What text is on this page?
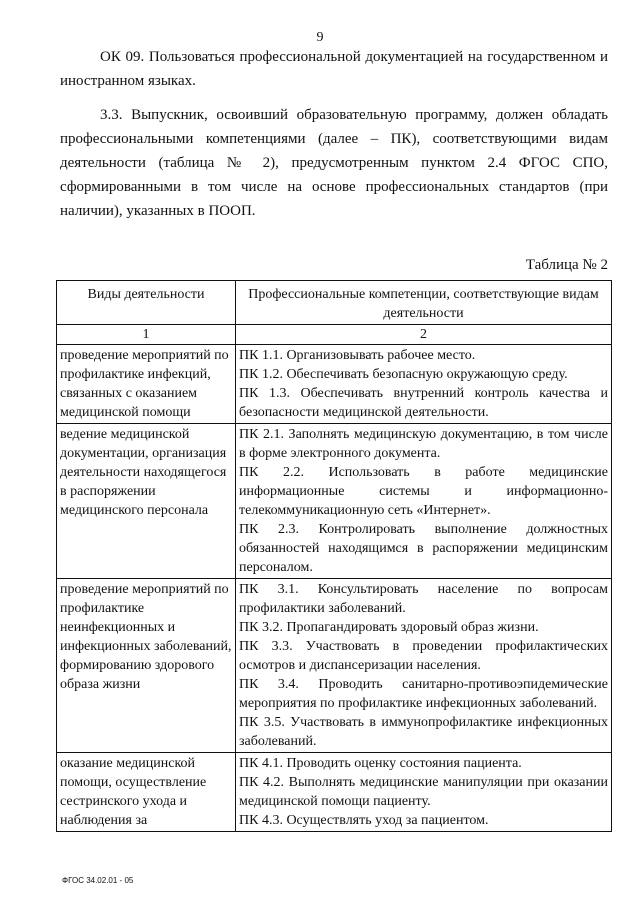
9

ОК 09. Пользоваться профессиональной документацией на государственном и иностранном языках.

3.3. Выпускник, освоивший образовательную программу, должен обладать профессиональными компетенциями (далее – ПК), соответствующими видам деятельности (таблица № 2), предусмотренным пунктом 2.4 ФГОС СПО, сформированными в том числе на основе профессиональных стандартов (при наличии), указанных в ПООП.

Таблица № 2
Виды деятельности	Профессиональные компетенции, соответствующие видам деятельности
1	2
проведение мероприятий по профилактике инфекций, связанных с оказанием медицинской помощи	ПК 1.1. Организовывать рабочее место.
ПК 1.2. Обеспечивать безопасную окружающую среду.
ПК 1.3. Обеспечивать внутренний контроль качества и безопасности медицинской деятельности.

ведение медицинской документации, организация деятельности находящегося в распоряжении медицинского персонала	ПК 2.1. Заполнять медицинскую документацию, в том числе в форме электронного документа.
ПК 2.2. Использовать в работе медицинские информационные системы и информационно-телекоммуникационную сеть «Интернет».
ПК 2.3. Контролировать выполнение должностных обязанностей находящимся в распоряжении медицинским персоналом.

проведение мероприятий по профилактике неинфекционных и инфекционных заболеваний, формированию здорового образа жизни	ПК 3.1. Консультировать население по вопросам профилактики заболеваний.
ПК 3.2. Пропагандировать здоровый образ жизни.
ПК 3.3. Участвовать в проведении профилактических осмотров и диспансеризации населения.
ПК 3.4. Проводить санитарно-противоэпидемические мероприятия по профилактике инфекционных заболеваний.
ПК 3.5. Участвовать в иммунопрофилактике инфекционных заболеваний.

оказание медицинской помощи, осуществление сестринского ухода и наблюдения за	ПК 4.1. Проводить оценку состояния пациента.
ПК 4.2. Выполнять медицинские манипуляции при оказании медицинской помощи пациенту.
ПК 4.3. Осуществлять уход за пациентом.
ФГОС 34.02.01 - 05
